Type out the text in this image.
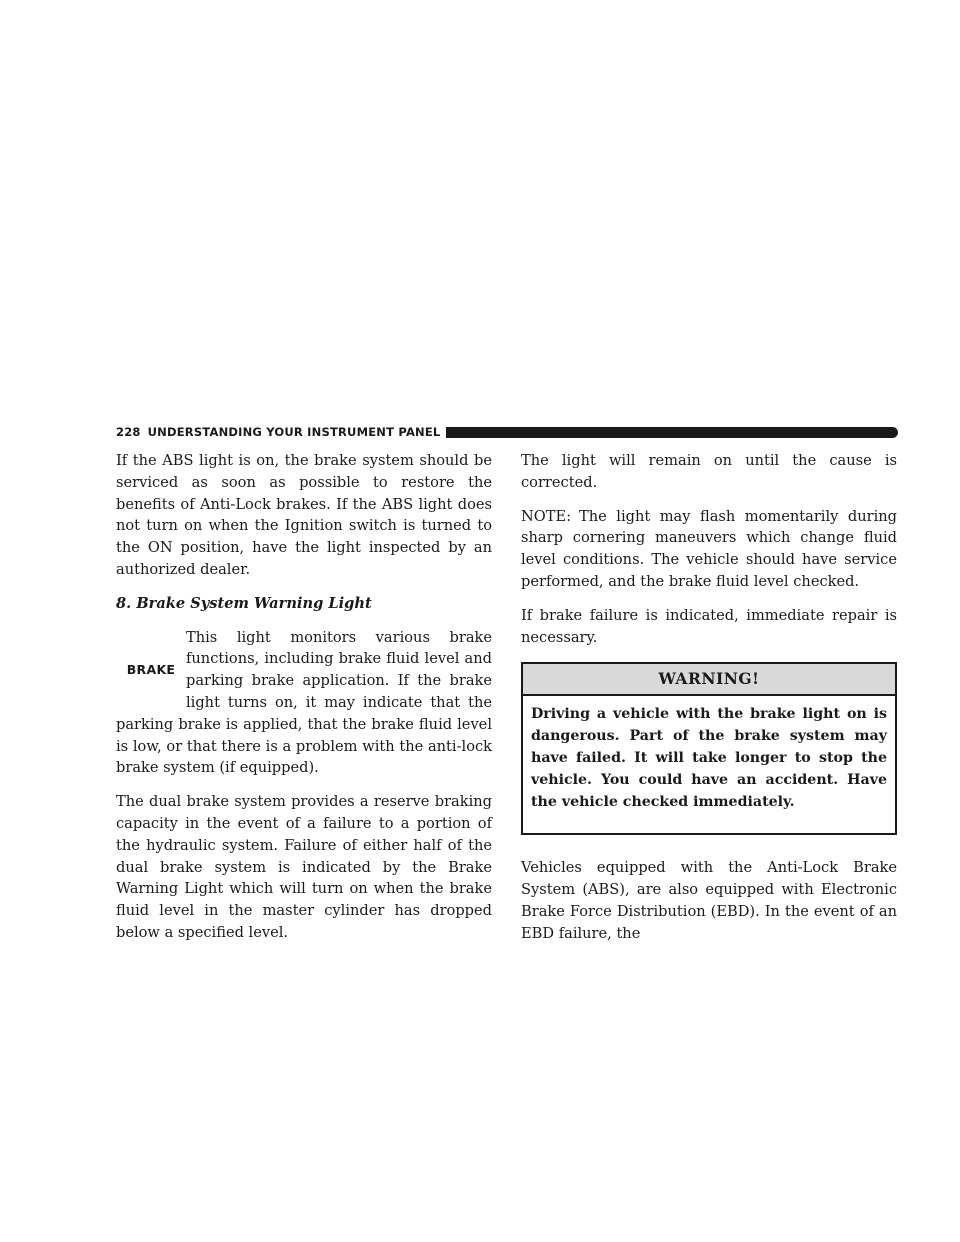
228 UNDERSTANDING YOUR INSTRUMENT PANEL

If the ABS light is on, the brake system should be serviced as soon as possible to restore the benefits of Anti-Lock brakes. If the ABS light does not turn on when the Ignition switch is turned to the ON position, have the light inspected by an authorized dealer.

8. Brake System Warning Light

BRAKE
This light monitors various brake functions, including brake fluid level and parking brake application. If the brake light turns on, it may indicate that the parking brake is applied, that the brake fluid level is low, or that there is a problem with the anti-lock brake system (if equipped).

The dual brake system provides a reserve braking capacity in the event of a failure to a portion of the hydraulic system. Failure of either half of the dual brake system is indicated by the Brake Warning Light which will turn on when the brake fluid level in the master cylinder has dropped below a specified level.

The light will remain on until the cause is corrected.

NOTE: The light may flash momentarily during sharp cornering maneuvers which change fluid level conditions. The vehicle should have service performed, and the brake fluid level checked.

If brake failure is indicated, immediate repair is necessary.

WARNING!

Driving a vehicle with the brake light on is dangerous. Part of the brake system may have failed. It will take longer to stop the vehicle. You could have an accident. Have the vehicle checked immediately.

Vehicles equipped with the Anti-Lock Brake System (ABS), are also equipped with Electronic Brake Force Distribution (EBD). In the event of an EBD failure, the
